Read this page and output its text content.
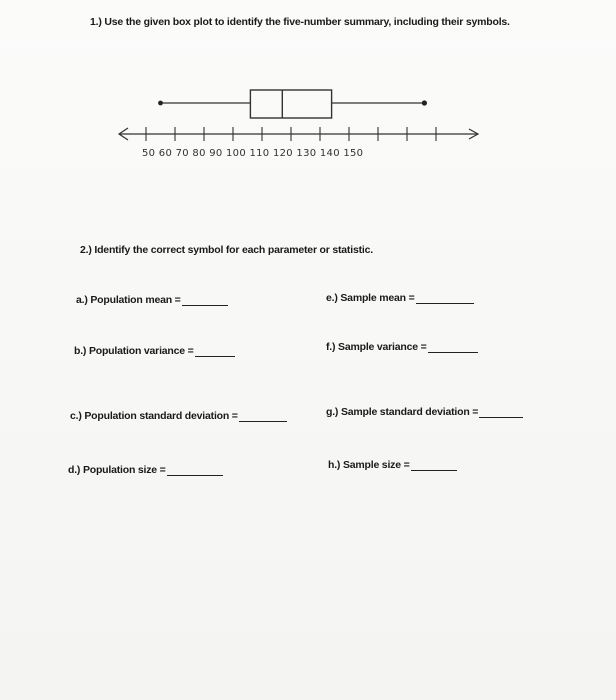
1.) Use the given box plot to identify the five-number summary, including their symbols.
50 60 70 80 90 100 110 120 130 140 150
2.) Identify the correct symbol for each parameter or statistic.
a.) Population mean =
b.) Population variance =
c.) Population standard deviation =
d.) Population size =
e.) Sample mean =
f.) Sample variance =
g.) Sample standard deviation =
h.) Sample size =
